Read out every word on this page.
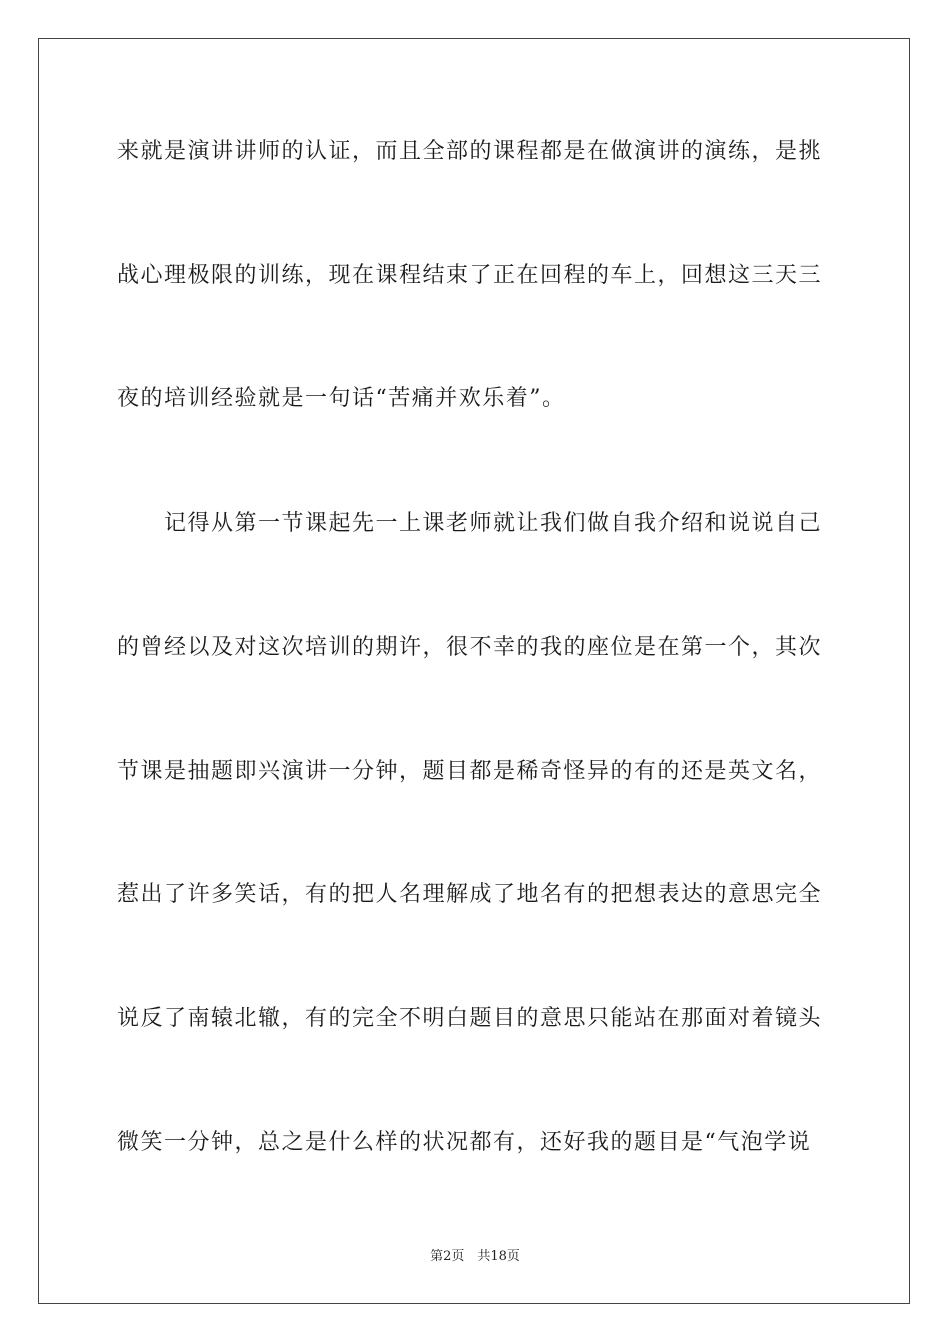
来就是演讲讲师的认证，而且全部的课程都是在做演讲的演练，是挑
战心理极限的训练，现在课程结束了正在回程的车上，回想这三天三
夜的培训经验就是一句话“苦痛并欢乐着”。
　　记得从第一节课起先一上课老师就让我们做自我介绍和说说自己
的曾经以及对这次培训的期许，很不幸的我的座位是在第一个，其次
节课是抽题即兴演讲一分钟，题目都是稀奇怪异的有的还是英文名，
惹出了许多笑话，有的把人名理解成了地名有的把想表达的意思完全
说反了南辕北辙，有的完全不明白题目的意思只能站在那面对着镜头
微笑一分钟，总之是什么样的状况都有，还好我的题目是“气泡学说
第2页　共18页
